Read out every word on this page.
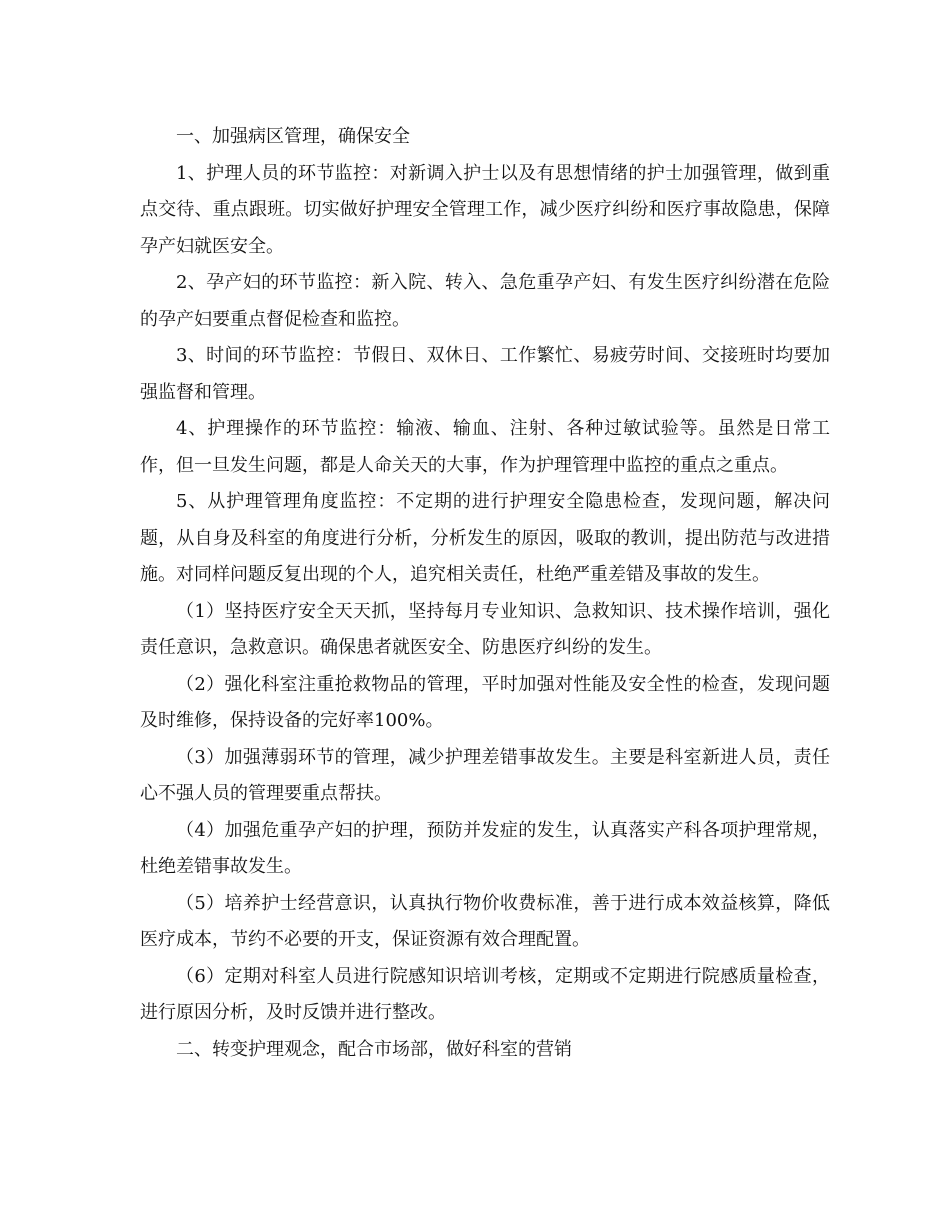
一、加强病区管理，确保安全

1、护理人员的环节监控：对新调入护士以及有思想情绪的护士加强管理，做到重点交待、重点跟班。切实做好护理安全管理工作，减少医疗纠纷和医疗事故隐患，保障孕产妇就医安全。

2、孕产妇的环节监控：新入院、转入、急危重孕产妇、有发生医疗纠纷潜在危险的孕产妇要重点督促检查和监控。

3、时间的环节监控：节假日、双休日、工作繁忙、易疲劳时间、交接班时均要加强监督和管理。

4、护理操作的环节监控：输液、输血、注射、各种过敏试验等。虽然是日常工作，但一旦发生问题，都是人命关天的大事，作为护理管理中监控的重点之重点。

5、从护理管理角度监控：不定期的进行护理安全隐患检查，发现问题，解决问题，从自身及科室的角度进行分析，分析发生的原因，吸取的教训，提出防范与改进措施。对同样问题反复出现的个人，追究相关责任，杜绝严重差错及事故的发生。

（1）坚持医疗安全天天抓，坚持每月专业知识、急救知识、技术操作培训，强化责任意识，急救意识。确保患者就医安全、防患医疗纠纷的发生。

（2）强化科室注重抢救物品的管理，平时加强对性能及安全性的检查，发现问题及时维修，保持设备的完好率100%。

（3）加强薄弱环节的管理，减少护理差错事故发生。主要是科室新进人员，责任心不强人员的管理要重点帮扶。

（4）加强危重孕产妇的护理，预防并发症的发生，认真落实产科各项护理常规，杜绝差错事故发生。

（5）培养护士经营意识，认真执行物价收费标准，善于进行成本效益核算，降低医疗成本，节约不必要的开支，保证资源有效合理配置。

（6）定期对科室人员进行院感知识培训考核，定期或不定期进行院感质量检查，进行原因分析，及时反馈并进行整改。

二、转变护理观念，配合市场部，做好科室的营销
